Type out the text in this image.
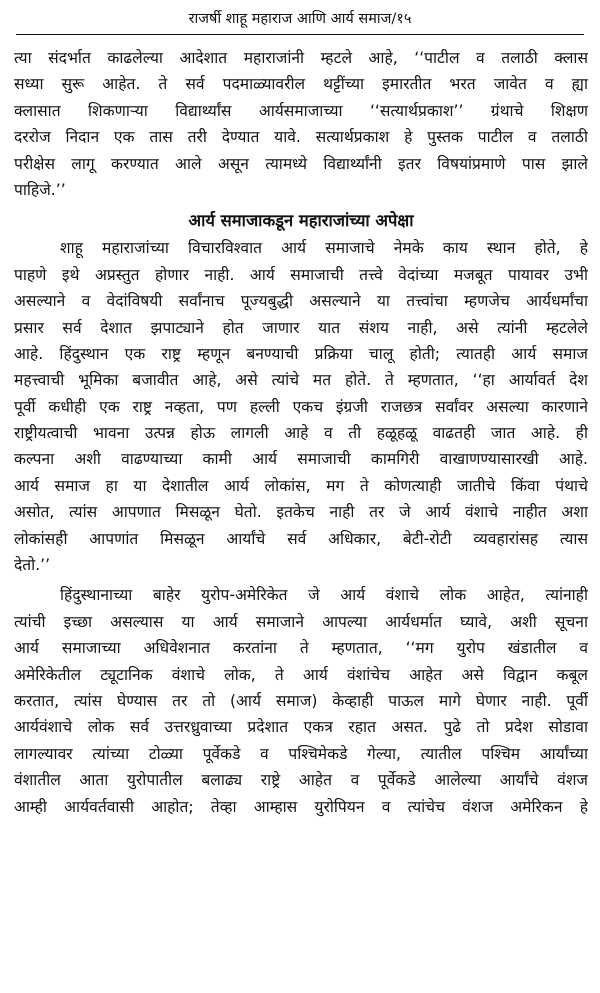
राजर्षी शाहू महाराज आणि आर्य समाज/१५
त्या संदर्भात काढलेल्या आदेशात महाराजांनी म्हटले आहे, ‘‘पाटील व तलाठी क्लास
सध्या सुरू आहेत. ते सर्व पदमाळ्यावरील थट्टींच्या इमारतीत भरत जावेत व ह्या
क्लासात शिकणाऱ्या विद्यार्थ्यांस आर्यसमाजाच्या ‘‘सत्यार्थप्रकाश’’ ग्रंथाचे शिक्षण
दररोज निदान एक तास तरी देण्यात यावे. सत्यार्थप्रकाश हे पुस्तक पाटील व तलाठी
परीक्षेस लागू करण्यात आले असून त्यामध्ये विद्यार्थ्यांनी इतर विषयांप्रमाणे पास झाले
पाहिजे.’’
आर्य समाजाकडून महाराजांच्या अपेक्षा
शाहू महाराजांच्या विचारविश्वात आर्य समाजाचे नेमके काय स्थान होते, हे
पाहणे इथे अप्रस्तुत होणार नाही. आर्य समाजाची तत्त्वे वेदांच्या मजबूत पायावर उभी
असल्याने व वेदांविषयी सर्वांनाच पूज्यबुद्धी असल्याने या तत्त्वांचा म्हणजेच आर्यधर्मांचा
प्रसार सर्व देशात झपाट्याने होत जाणार यात संशय नाही, असे त्यांनी म्हटलेले
आहे. हिंदुस्थान एक राष्ट्र म्हणून बनण्याची प्रक्रिया चालू होती; त्यातही आर्य समाज
महत्त्वाची भूमिका बजावीत आहे, असे त्यांचे मत होते. ते म्हणतात, ‘‘हा आर्यावर्त देश
पूर्वी कधीही एक राष्ट्र नव्हता, पण हल्ली एकच इंग्रजी राजछत्र सर्वांवर असल्या कारणाने
राष्ट्रीयत्वाची भावना उत्पन्न होऊ लागली आहे व ती हळूहळू वाढतही जात आहे. ही
कल्पना अशी वाढण्याच्या कामी आर्य समाजाची कामगिरी वाखाणण्यासारखी आहे.
आर्य समाज हा या देशातील आर्य लोकांस, मग ते कोणत्याही जातीचे किंवा पंथाचे
असोत, त्यांस आपणात मिसळून घेतो. इतकेच नाही तर जे आर्य वंशाचे नाहीत अशा
लोकांसही आपणांत मिसळून आर्यांचे सर्व अधिकार, बेटी-रोटी व्यवहारांसह त्यास
देतो.’’
हिंदुस्थानाच्या बाहेर युरोप-अमेरिकेत जे आर्य वंशाचे लोक आहेत, त्यांनाही
त्यांची इच्छा असल्यास या आर्य समाजाने आपल्या आर्यधर्मात घ्यावे, अशी सूचना
आर्य समाजाच्या अधिवेशनात करतांना ते म्हणतात, ‘‘मग युरोप खंडातील व
अमेरिकेतील ट्यूटानिक वंशाचे लोक, ते आर्य वंशांचेच आहेत असे विद्वान कबूल
करतात, त्यांस घेण्यास तर तो (आर्य समाज) केव्हाही पाऊल मागे घेणार नाही. पूर्वी
आर्यवंशाचे लोक सर्व उत्तरध्रुवाच्या प्रदेशात एकत्र रहात असत. पुढे तो प्रदेश सोडावा
लागल्यावर त्यांच्या टोळ्या पूर्वेकडे व पश्चिमेकडे गेल्या, त्यातील पश्चिम आर्यांच्या
वंशातील आता युरोपातील बलाढ्य राष्ट्रे आहेत व पूर्वेकडे आलेल्या आर्यांचे वंशज
आम्ही आर्यवर्तवासी आहोत; तेव्हा आम्हास युरोपियन व त्यांचेच वंशज अमेरिकन हे
